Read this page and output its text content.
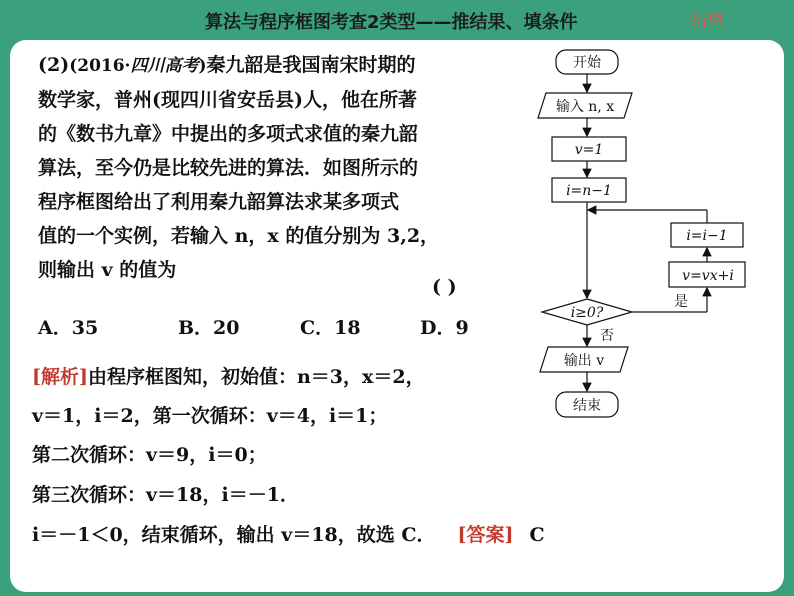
算法与程序框图考查2类型——推结果、填条件	结束
(2)(2016·四川高考)秦九韶是我国南宋时期的
数学家，普州(现四川省安岳县)人，他在所著
的《数书九章》中提出的多项式求值的秦九韶
算法，至今仍是比较先进的算法．如图所示的
程序框图给出了利用秦九韶算法求某多项式
值的一个实例，若输入 n，x 的值分别为 3,2，
则输出 v 的值为
( )
A．35	B．20	C．18	D．9
[解析]由程序框图知，初始值：n＝3，x＝2，
v＝1，i＝2，第一次循环：v＝4，i＝1；
第二次循环：v＝9，i＝0；
第三次循环：v＝18，i＝－1．
i＝－1＜0，结束循环，输出 v＝18，故选 C． [答案] C
开始
输入 n, x
v=1
i=n−1
i≥0?
v=vx+i
i=i−1
是
否
输出 v
结束
